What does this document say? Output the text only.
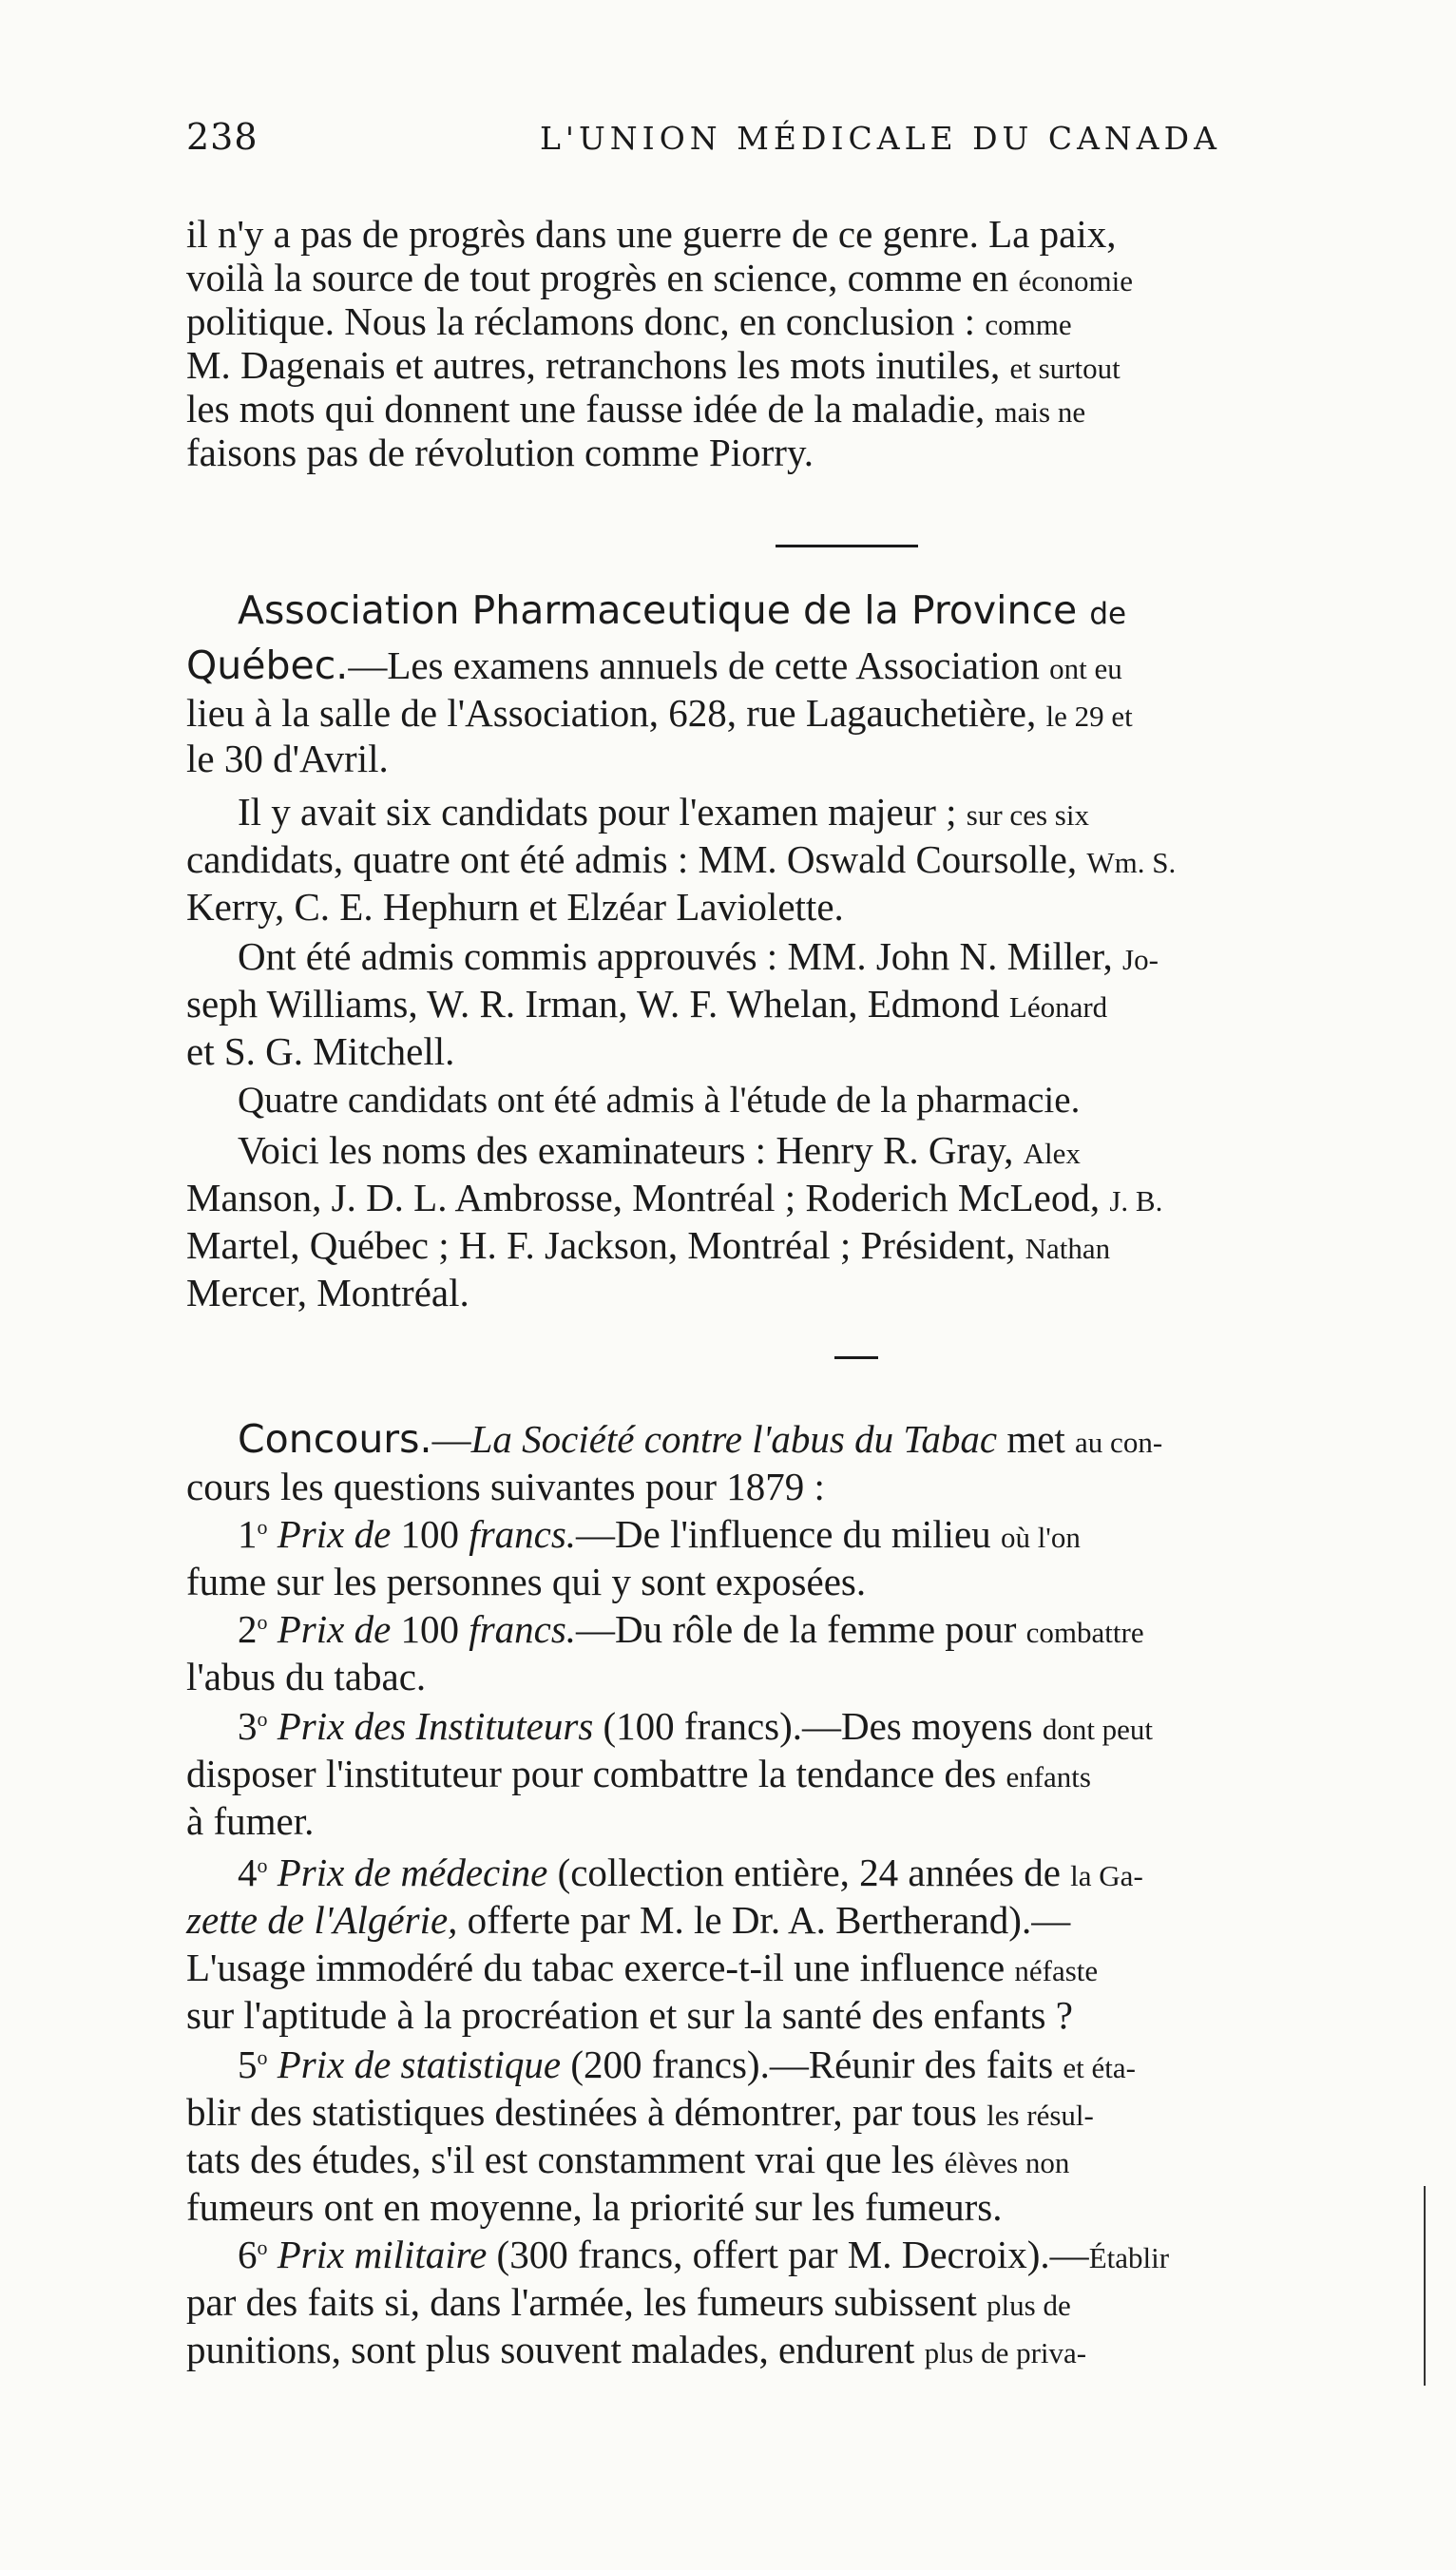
238	L'UNION MÉDICALE DU CANADA
il n'y a pas de progrès dans une guerre de ce genre. La paix,
voilà la source de tout progrès en science, comme en économie
politique. Nous la réclamons donc, en conclusion : comme
M. Dagenais et autres, retranchons les mots inutiles, et surtout
les mots qui donnent une fausse idée de la maladie, mais ne
faisons pas de révolution comme Piorry.
Association Pharmaceutique de la Province de
Québec.—Les examens annuels de cette Association ont eu
lieu à la salle de l'Association, 628, rue Lagauchetière, le 29 et
le 30 d'Avril.
Il y avait six candidats pour l'examen majeur ; sur ces six
candidats, quatre ont été admis : MM. Oswald Coursolle, Wm. S.
Kerry, C. E. Hephurn et Elzéar Laviolette.
Ont été admis commis approuvés : MM. John N. Miller, Jo-
seph Williams, W. R. Irman, W. F. Whelan, Edmond Léonard
et S. G. Mitchell.
Quatre candidats ont été admis à l'étude de la pharmacie.
Voici les noms des examinateurs : Henry R. Gray, Alex
Manson, J. D. L. Ambrosse, Montréal ; Roderich McLeod, J. B.
Martel, Québec ; H. F. Jackson, Montréal ; Président, Nathan
Mercer, Montréal.
Concours.—La Société contre l'abus du Tabac met au con-
cours les questions suivantes pour 1879 :
1$^o$ Prix de 100 francs.—De l'influence du milieu où l'on
fume sur les personnes qui y sont exposées.
2$^o$ Prix de 100 francs.—Du rôle de la femme pour combattre
l'abus du tabac.
3$^o$ Prix des Instituteurs (100 francs).—Des moyens dont peut
disposer l'instituteur pour combattre la tendance des enfants
à fumer.
4$^o$ Prix de médecine (collection entière, 24 années de la Ga-
zette de l'Algérie, offerte par M. le Dr. A. Bertherand).—
L'usage immodéré du tabac exerce-t-il une influence néfaste
sur l'aptitude à la procréation et sur la santé des enfants ?
5$^o$ Prix de statistique (200 francs).—Réunir des faits et éta-
blir des statistiques destinées à démontrer, par tous les résul-
tats des études, s'il est constamment vrai que les élèves non
fumeurs ont en moyenne, la priorité sur les fumeurs.
6$^o$ Prix militaire (300 francs, offert par M. Decroix).—Établir
par des faits si, dans l'armée, les fumeurs subissent plus de
punitions, sont plus souvent malades, endurent plus de priva-
